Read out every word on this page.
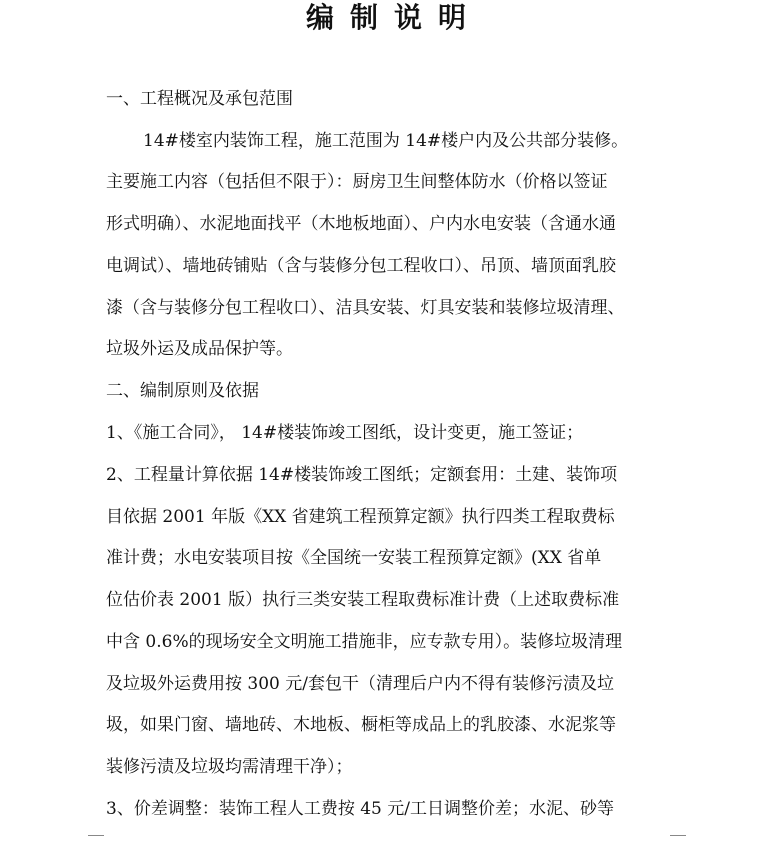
编制说明
一、工程概况及承包范围
14#楼室内装饰工程，施工范围为 14#楼户内及公共部分装修。
主要施工内容（包括但不限于）：厨房卫生间整体防水（价格以签证
形式明确）、水泥地面找平（木地板地面）、户内水电安装（含通水通
电调试）、墙地砖铺贴（含与装修分包工程收口）、吊顶、墙顶面乳胶
漆（含与装修分包工程收口）、洁具安装、灯具安装和装修垃圾清理、
垃圾外运及成品保护等。
二、编制原则及依据
1、《施工合同》， 14#楼装饰竣工图纸，设计变更，施工签证；
2、工程量计算依据 14#楼装饰竣工图纸；定额套用：土建、装饰项
目依据 2001 年版《XX 省建筑工程预算定额》执行四类工程取费标
准计费；水电安装项目按《全国统一安装工程预算定额》(XX 省单
位估价表 2001 版）执行三类安装工程取费标准计费（上述取费标准
中含 0.6%的现场安全文明施工措施非，应专款专用）。装修垃圾清理
及垃圾外运费用按 300 元/套包干（清理后户内不得有装修污渍及垃
圾，如果门窗、墙地砖、木地板、橱柜等成品上的乳胶漆、水泥浆等
装修污渍及垃圾均需清理干净）；
3、价差调整：装饰工程人工费按 45 元/工日调整价差；水泥、砂等
